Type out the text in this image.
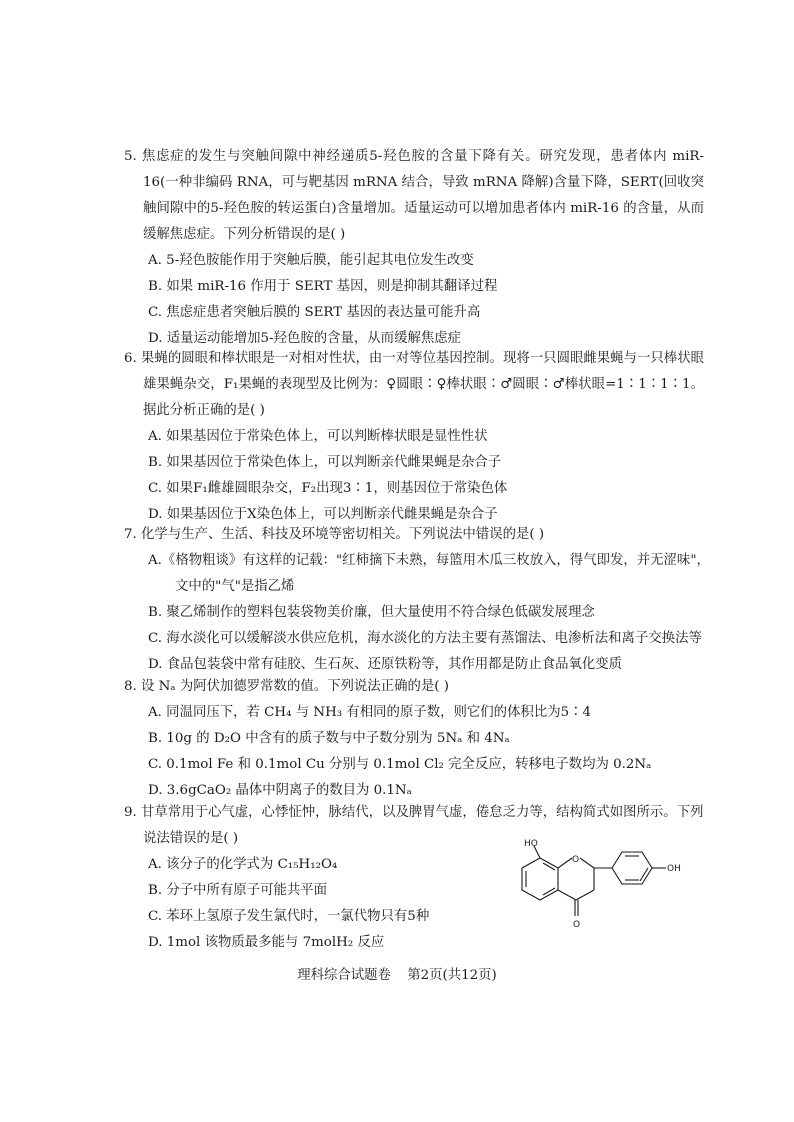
5. 焦虑症的发生与突触间隙中神经递质5-羟色胺的含量下降有关。研究发现，患者体内 miR-16(一种非编码 RNA，可与靶基因 mRNA 结合，导致 mRNA 降解)含量下降，SERT(回收突触间隙中的5-羟色胺的转运蛋白)含量增加。适量运动可以增加患者体内 miR-16 的含量，从而缓解焦虑症。下列分析错误的是( )

A. 5-羟色胺能作用于突触后膜，能引起其电位发生改变

B. 如果 miR-16 作用于 SERT 基因，则是抑制其翻译过程

C. 焦虑症患者突触后膜的 SERT 基因的表达量可能升高

D. 适量运动能增加5-羟色胺的含量，从而缓解焦虑症

6. 果蝇的圆眼和棒状眼是一对相对性状，由一对等位基因控制。现将一只圆眼雌果蝇与一只棒状眼雄果蝇杂交，F₁果蝇的表现型及比例为：♀圆眼∶♀棒状眼∶♂圆眼∶♂棒状眼=1∶1∶1∶1。据此分析正确的是( )

A. 如果基因位于常染色体上，可以判断棒状眼是显性性状

B. 如果基因位于常染色体上，可以判断亲代雌果蝇是杂合子

C. 如果F₁雌雄圆眼杂交，F₂出现3∶1，则基因位于常染色体

D. 如果基因位于X染色体上，可以判断亲代雌果蝇是杂合子

7. 化学与生产、生活、科技及环境等密切相关。下列说法中错误的是( )

A.《格物粗谈》有这样的记载："红柿摘下未熟，每篮用木瓜三枚放入，得气即发，并无涩味"，
文中的"气"是指乙烯

B. 聚乙烯制作的塑料包装袋物美价廉，但大量使用不符合绿色低碳发展理念

C. 海水淡化可以缓解淡水供应危机，海水淡化的方法主要有蒸馏法、电渗析法和离子交换法等

D. 食品包装袋中常有硅胶、生石灰、还原铁粉等，其作用都是防止食品氧化变质

8. 设 Nₐ 为阿伏加德罗常数的值。下列说法正确的是( )

A. 同温同压下，若 CH₄ 与 NH₃ 有相同的原子数，则它们的体积比为5∶4

B. 10g 的 D₂O 中含有的质子数与中子数分别为 5Nₐ 和 4Nₐ

C. 0.1mol Fe 和 0.1mol Cu 分别与 0.1mol Cl₂ 完全反应，转移电子数均为 0.2Nₐ

D. 3.6gCaO₂ 晶体中阴离子的数目为 0.1Nₐ

9. 甘草常用于心气虚，心悸怔忡，脉结代，以及脾胃气虚，倦怠乏力等，结构简式如图所示。下列
说法错误的是( )

A. 该分子的化学式为 C₁₅H₁₂O₄

B. 分子中所有原子可能共平面

C. 苯环上氢原子发生氯代时，一氯代物只有5种

D. 1mol 该物质最多能与 7molH₂ 反应

HO
O
O
OH
理科综合试题卷 第2页(共12页)
